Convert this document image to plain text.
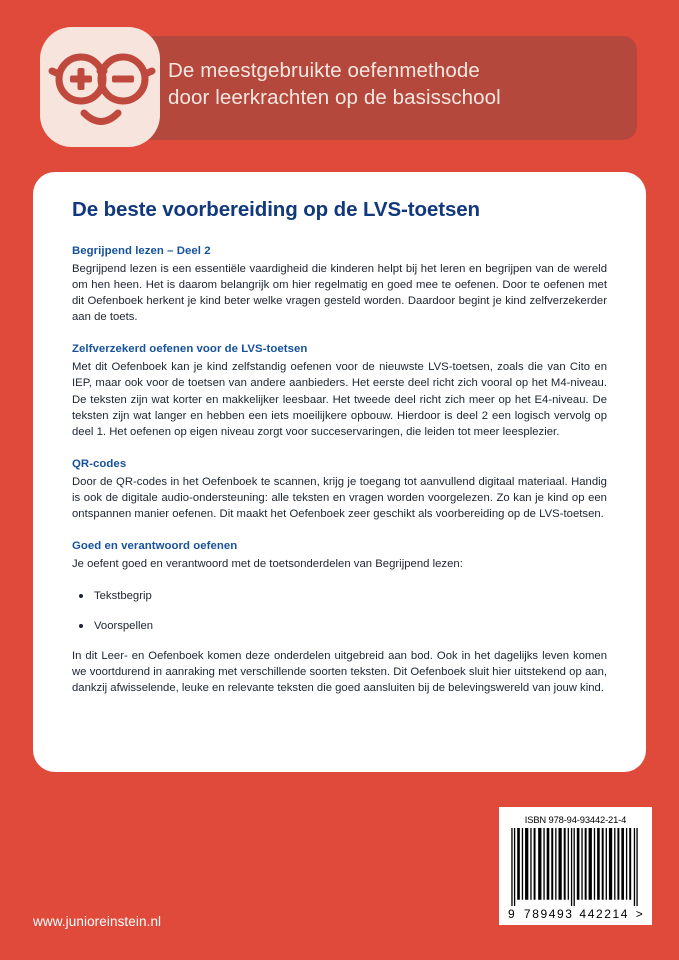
De meestgebruikte oefenmethode
door leerkrachten op de basisschool
De beste voorbereiding op de LVS-toetsen
Begrijpend lezen – Deel 2

Begrijpend lezen is een essentiële vaardigheid die kinderen helpt bij het leren en begrijpen van de wereld om hen heen. Het is daarom belangrijk om hier regelmatig en goed mee te oefenen. Door te oefenen met dit Oefenboek herkent je kind beter welke vragen gesteld worden. Daardoor begint je kind zelfverzekerder aan de toets.

Zelfverzekerd oefenen voor de LVS-toetsen

Met dit Oefenboek kan je kind zelfstandig oefenen voor de nieuwste LVS-toetsen, zoals die van Cito en IEP, maar ook voor de toetsen van andere aanbieders. Het eerste deel richt zich vooral op het M4-niveau. De teksten zijn wat korter en makkelijker leesbaar. Het tweede deel richt zich meer op het E4-niveau. De teksten zijn wat langer en hebben een iets moeilijkere opbouw. Hierdoor is deel 2 een logisch vervolg op deel 1. Het oefenen op eigen niveau zorgt voor succeservaringen, die leiden tot meer leesplezier.

QR-codes

Door de QR-codes in het Oefenboek te scannen, krijg je toegang tot aanvullend digitaal materiaal. Handig is ook de digitale audio-ondersteuning: alle teksten en vragen worden voorgelezen. Zo kan je kind op een ontspannen manier oefenen. Dit maakt het Oefenboek zeer geschikt als voorbereiding op de LVS-toetsen.

Goed en verantwoord oefenen

Je oefent goed en verantwoord met de toetsonderdelen van Begrijpend lezen:

Tekstbegrip
Voorspellen

In dit Leer- en Oefenboek komen deze onderdelen uitgebreid aan bod. Ook in het dagelijks leven komen we voortdurend in aanraking met verschillende soorten teksten. Dit Oefenboek sluit hier uitstekend op aan, dankzij afwisselende, leuke en relevante teksten die goed aansluiten bij de belevingswereld van jouw kind.

www.junioreinstein.nl
ISBN 978-94-93442-21-4
9 789493 442214 >
